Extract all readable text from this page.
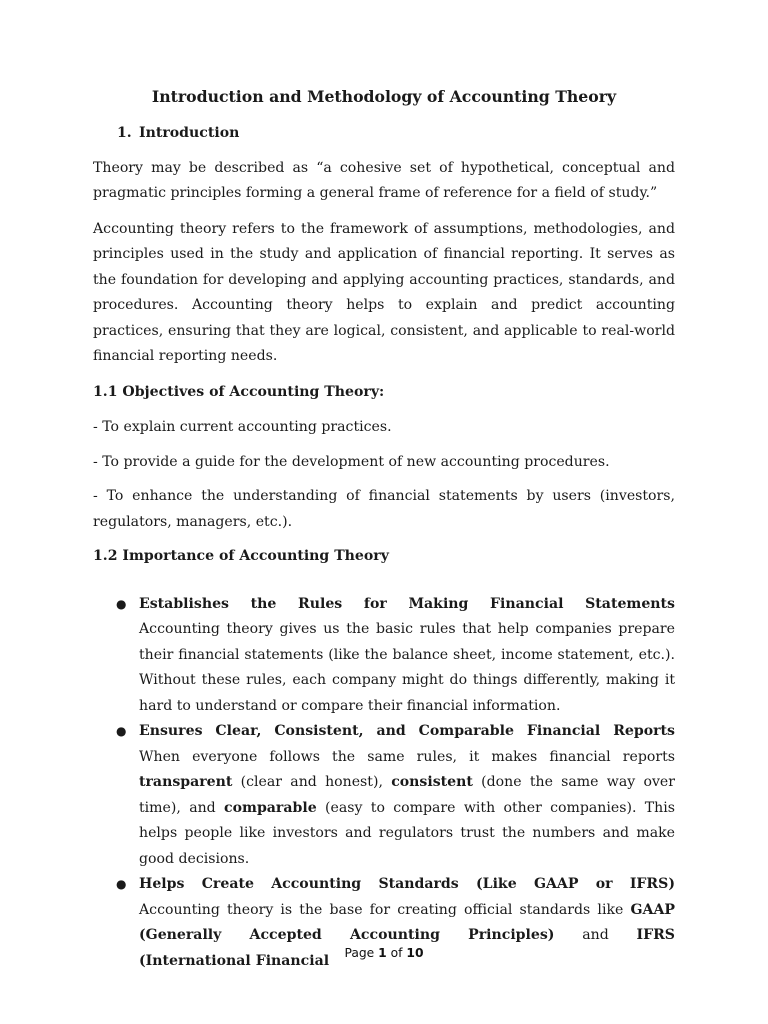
Introduction and Methodology of Accounting Theory
1. Introduction

Theory may be described as “a cohesive set of hypothetical, conceptual and pragmatic principles forming a general frame of reference for a field of study.”

Accounting theory refers to the framework of assumptions, methodologies, and principles used in the study and application of financial reporting. It serves as the foundation for developing and applying accounting practices, standards, and procedures. Accounting theory helps to explain and predict accounting practices, ensuring that they are logical, consistent, and applicable to real-world financial reporting needs.

1.1 Objectives of Accounting Theory:
- To explain current accounting practices.
- To provide a guide for the development of new accounting procedures.
- To enhance the understanding of financial statements by users (investors, regulators, managers, etc.).
1.2 Importance of Accounting Theory
● Establishes the Rules for Making Financial Statements
Accounting theory gives us the basic rules that help companies prepare their financial statements (like the balance sheet, income statement, etc.). Without these rules, each company might do things differently, making it hard to understand or compare their financial information.
● Ensures Clear, Consistent, and Comparable Financial Reports
When everyone follows the same rules, it makes financial reports transparent (clear and honest), consistent (done the same way over time), and comparable (easy to compare with other companies). This helps people like investors and regulators trust the numbers and make good decisions.
● Helps Create Accounting Standards (Like GAAP or IFRS)
Accounting theory is the base for creating official standards like GAAP (Generally Accepted Accounting Principles) and IFRS (International Financial	Page 1 of 10
